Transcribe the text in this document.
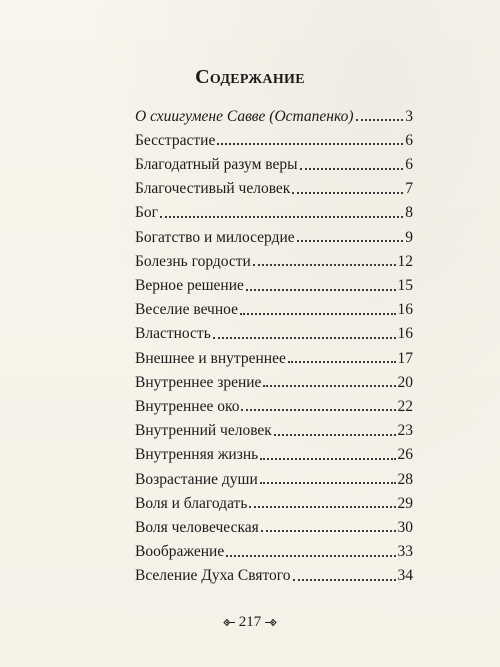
Содержание
О схиигумене Савве (Остапенко)	3
Бесстрастие	6
Благодатный разум веры	6
Благочестивый человек	7
Бог	8
Богатство и милосердие	9
Болезнь гордости	12
Верное решение	15
Веселие вечное	16
Властность	16
Внешнее и внутреннее	17
Внутреннее зрение	20
Внутреннее око	22
Внутренний человек	23
Внутренняя жизнь	26
Возрастание души	28
Воля и благодать	29
Воля человеческая	30
Воображение	33
Вселение Духа Святого	34
217
